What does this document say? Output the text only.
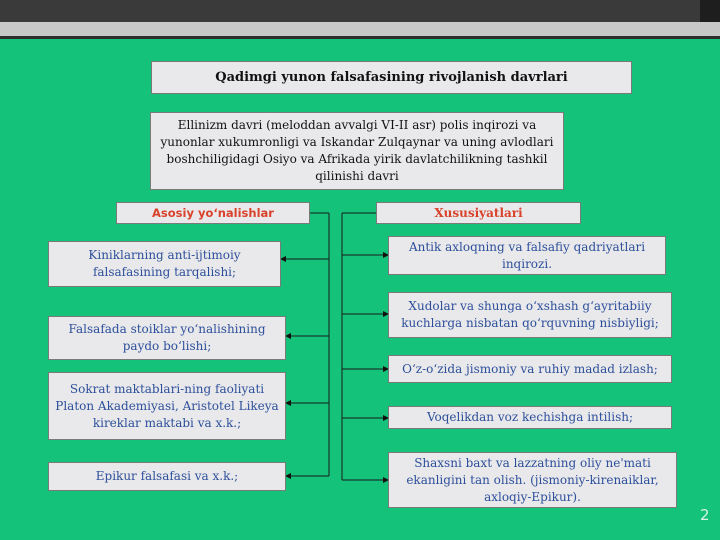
Qadimgi yunon falsafasining rivojlanish davrlari
Ellinizm davri (meloddan avvalgi VI-II asr) polis inqirozi va yunonlar xukumronligi va Iskandar Zulqaynar va uning avlodlari boshchiligidagi Osiyo va Afrikada yirik davlatchilikning tashkil qilinishi davri
Asosiy yo‘nalishlar	Xususiyatlari
Kiniklarning anti-ijtimoiy falsafasining tarqalishi;
Falsafada stoiklar yo‘nalishining paydo bo‘lishi;
Sokrat maktablari-ning faoliyati Platon Akademiyasi, Aristotel Likeya kireklar maktabi va x.k.;
Epikur falsafasi va x.k.;
Antik axloqning va falsafiy qadriyatlari inqirozi.
Xudolar va shunga o‘xshash g‘ayritabiiy kuchlarga nisbatan qo‘rquvning nisbiyligi;
O‘z-o‘zida jismoniy va ruhiy madad izlash;
Voqelikdan voz kechishga intilish;
Shaxsni baxt va lazzatning oliy ne'mati ekanligini tan olish. (jismoniy-kirenaiklar, axloqiy-Epikur).
2
